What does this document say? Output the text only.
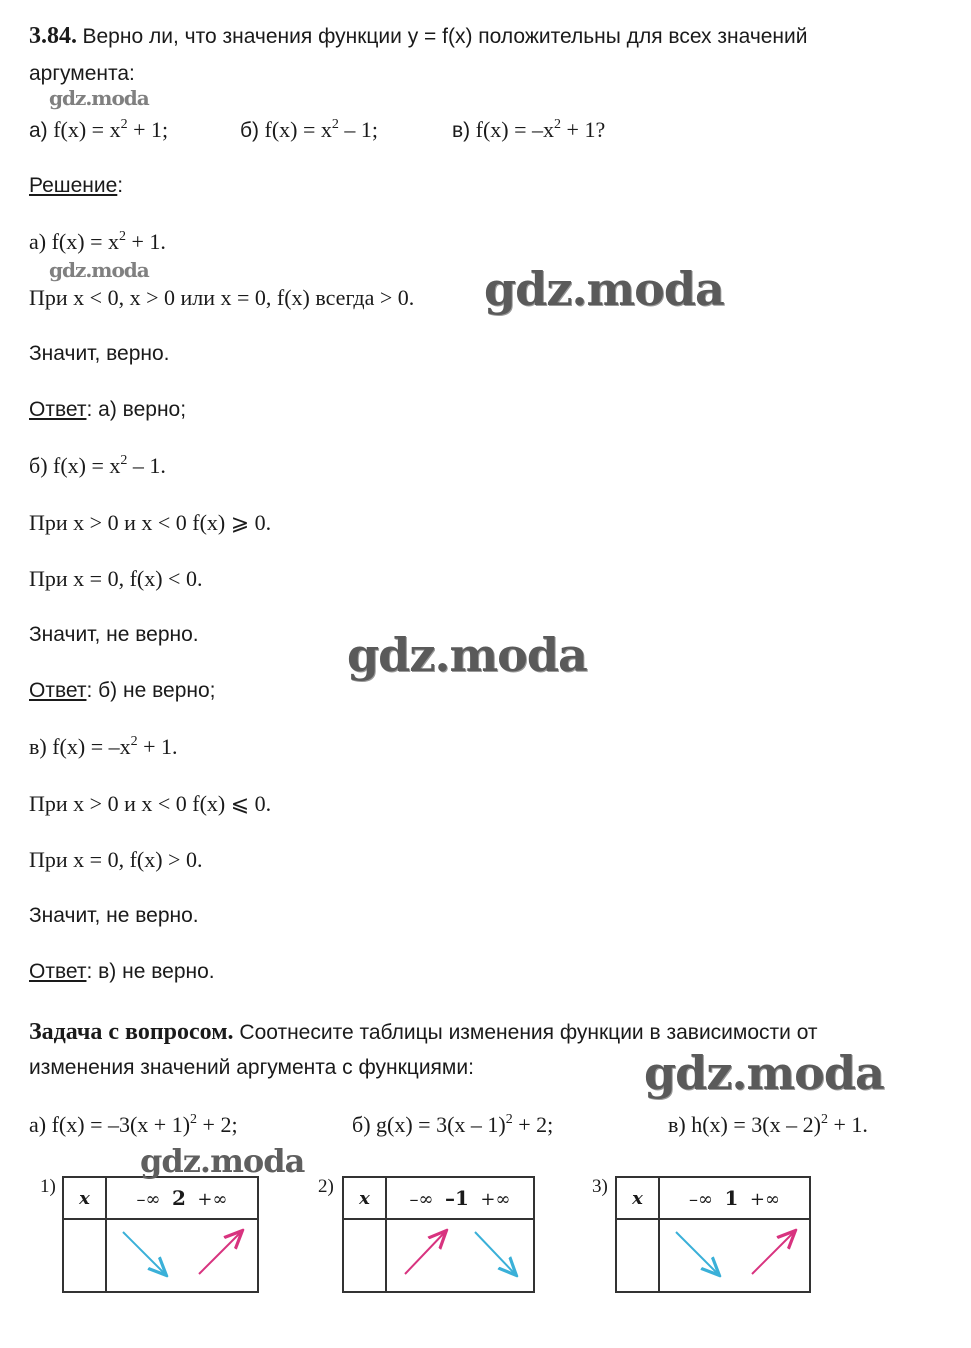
3.84. Верно ли, что значения функции y = f(x) положительны для всех значений
аргумента:
а) $f(x) = x^2 + 1$;	б) $f(x) = x^2 - 1$;	в) $f(x) = -x^2 + 1$?
Решение:
а) $f(x) = x^2 + 1$.
При x < 0, x > 0 или x = 0, f(x) всегда > 0.
Значит, верно.
Ответ: а) верно;
б) $f(x) = x^2 - 1$.
При x > 0 и x < 0 f(x) ⩾ 0.
При x = 0, f(x) < 0.
Значит, не верно.
Ответ: б) не верно;
в) $f(x) = -x^2 + 1$.
При x > 0 и x < 0 f(x) ⩽ 0.
При x = 0, f(x) > 0.
Значит, не верно.
Ответ: в) не верно.
Задача с вопросом. Соотнесите таблицы изменения функции в зависимости от
изменения значений аргумента с функциями:
а) $f(x) = -3(x + 1)^2 + 2$;	б) g(x) = 3(x – 1)$^2$ + 2;	в) h(x) = 3(x – 2)$^2$ + 1.
1)
x	–∞ 2 +∞

2)
x	–∞ –1 +∞

3)
x	–∞ 1 +∞

gdz.moda
gdz.moda	gdz.moda
gdz.moda
gdz.moda
gdz.moda
